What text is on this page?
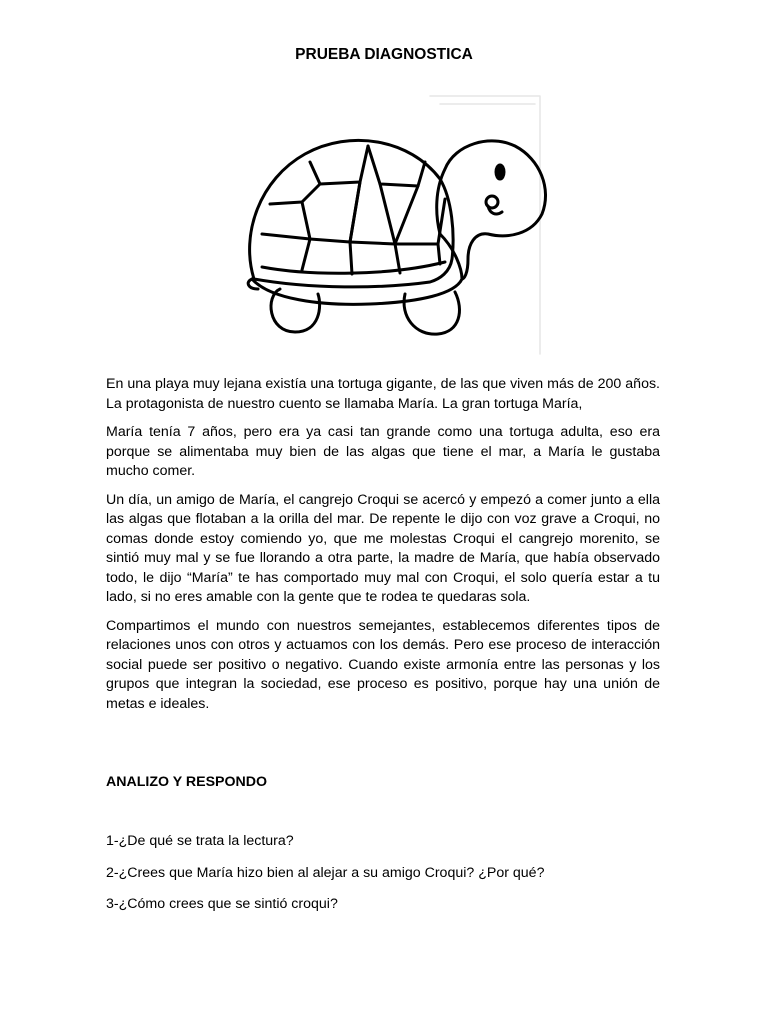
PRUEBA DIAGNOSTICA

En una playa muy lejana existía una tortuga gigante, de las que viven más de 200 años. La protagonista de nuestro cuento se llamaba María. La gran tortuga María,

María tenía 7 años, pero era ya casi tan grande como una tortuga adulta, eso era porque se alimentaba muy bien de las algas que tiene el mar, a María le gustaba mucho comer.

Un día, un amigo de María, el cangrejo Croqui se acercó y empezó a comer junto a ella las algas que flotaban a la orilla del mar. De repente le dijo con voz grave a Croqui, no comas donde estoy comiendo yo, que me molestas Croqui el cangrejo morenito, se sintió muy mal y se fue llorando a otra parte, la madre de María, que había observado todo, le dijo “María” te has comportado muy mal con Croqui, el solo quería estar a tu lado, si no eres amable con la gente que te rodea te quedaras sola.

Compartimos el mundo con nuestros semejantes, establecemos diferentes tipos de relaciones unos con otros y actuamos con los demás. Pero ese proceso de interacción social puede ser positivo o negativo. Cuando existe armonía entre las personas y los grupos que integran la sociedad, ese proceso es positivo, porque hay una unión de metas e ideales.

ANALIZO Y RESPONDO

1-¿De qué se trata la lectura?

2-¿Crees que María hizo bien al alejar a su amigo Croqui? ¿Por qué?

3-¿Cómo crees que se sintió croqui?
